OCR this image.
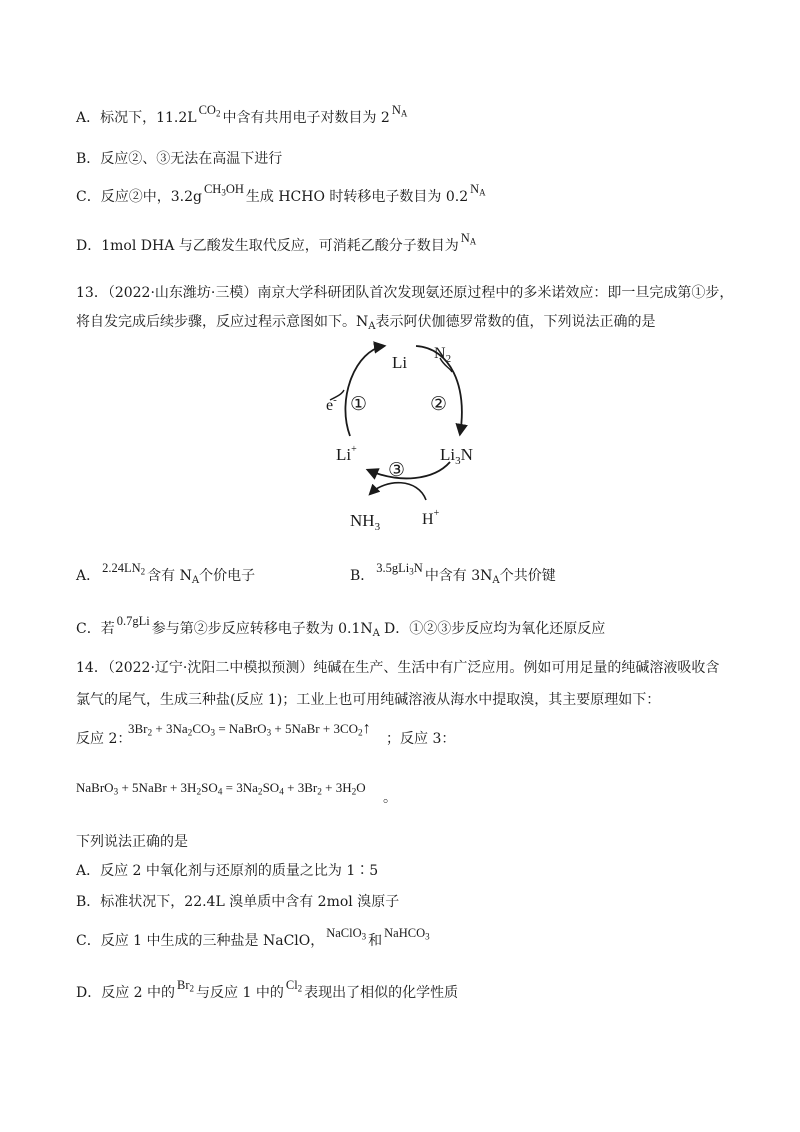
A．标况下，11.2L $CO_2$ 中含有共用电子对数目为 2 $N_A$
B．反应②、③无法在高温下进行
C．反应②中，3.2g $CH_3OH$ 生成 HCHO 时转移电子数目为 0.2 $N_A$
D．1mol DHA 与乙酸发生取代反应，可消耗乙酸分子数目为 $N_A$
13．（2022·山东潍坊·三模）南京大学科研团队首次发现氨还原过程中的多米诺效应：即一旦完成第①步，
将自发完成后续步骤，反应过程示意图如下。$N_A$表示阿伏伽德罗常数的值，下列说法正确的是
Li $N_2$
$Li_3N$
Li+
$NH_3$	H+
e- ①	②
③
A． $2.24LN_2$ 含有 $N_A$个价电子	B． 3.5gLi$_3$N 中含有 $3N_A$个共价键
C．若 0.7gLi 参与第②步反应转移电子数为 $0.1N_A$ D．①②③步反应均为氧化还原反应
14．（2022·辽宁·沈阳二中模拟预测）纯碱在生产、生活中有广泛应用。例如可用足量的纯碱溶液吸收含
氯气的尾气，生成三种盐(反应 1)；工业上也可用纯碱溶液从海水中提取溴，其主要原理如下：
反应 2：
$3Br_2 + 3Na_2CO_3$ = NaBrO$_3$ + 5NaBr + $3CO_2↑$
；反应 3：
NaBrO$_3$ + 5NaBr + $3H_2SO_4 = 3Na_2SO_4 + 3Br_2 + 3H_2O$
。
下列说法正确的是
A．反应 2 中氧化剂与还原剂的质量之比为 1∶5
B．标准状况下，22.4L 溴单质中含有 2mol 溴原子
C．反应 1 中生成的三种盐是 NaClO， NaClO$_3$ 和 NaHCO$_3$
D．反应 2 中的 $Br_2$ 与反应 1 中的 $Cl_2$ 表现出了相似的化学性质
